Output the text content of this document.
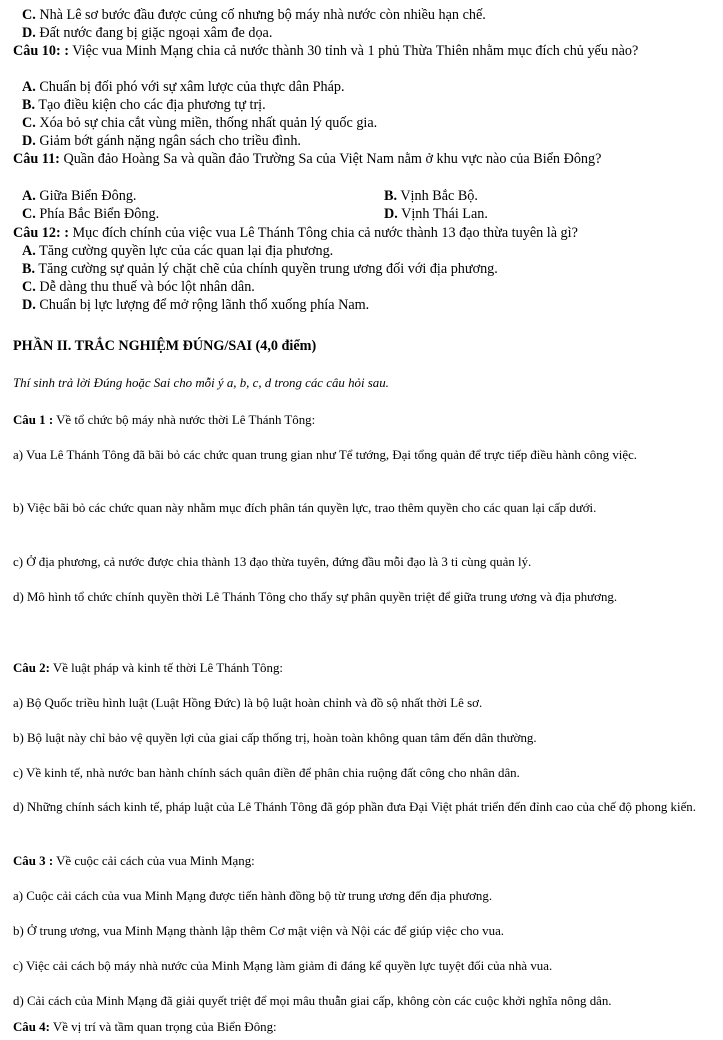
C. Nhà Lê sơ bước đầu được củng cố nhưng bộ máy nhà nước còn nhiều hạn chế.
D. Đất nước đang bị giặc ngoại xâm đe dọa.
Câu 10: : Việc vua Minh Mạng chia cả nước thành 30 tỉnh và 1 phủ Thừa Thiên nhằm mục đích chủ yếu nào?
A. Chuẩn bị đối phó với sự xâm lược của thực dân Pháp.
B. Tạo điều kiện cho các địa phương tự trị.
C. Xóa bỏ sự chia cắt vùng miền, thống nhất quản lý quốc gia.
D. Giảm bớt gánh nặng ngân sách cho triều đình.
Câu 11: Quần đảo Hoàng Sa và quần đảo Trường Sa của Việt Nam nằm ở khu vực nào của Biển Đông?
A. Giữa Biển Đông.	B. Vịnh Bắc Bộ.
C. Phía Bắc Biển Đông.	D. Vịnh Thái Lan.
Câu 12: : Mục đích chính của việc vua Lê Thánh Tông chia cả nước thành 13 đạo thừa tuyên là gì?
A. Tăng cường quyền lực của các quan lại địa phương.
B. Tăng cường sự quản lý chặt chẽ của chính quyền trung ương đối với địa phương.
C. Dễ dàng thu thuế và bóc lột nhân dân.
D. Chuẩn bị lực lượng để mở rộng lãnh thổ xuống phía Nam.
PHẦN II. TRẮC NGHIỆM ĐÚNG/SAI (4,0 điểm)
Thí sinh trả lời Đúng hoặc Sai cho mỗi ý a, b, c, d trong các câu hỏi sau.
Câu 1 : Về tổ chức bộ máy nhà nước thời Lê Thánh Tông:
a) Vua Lê Thánh Tông đã bãi bỏ các chức quan trung gian như Tể tướng, Đại tổng quản để trực tiếp điều hành công việc.
b) Việc bãi bỏ các chức quan này nhằm mục đích phân tán quyền lực, trao thêm quyền cho các quan lại cấp dưới.
c) Ở địa phương, cả nước được chia thành 13 đạo thừa tuyên, đứng đầu mỗi đạo là 3 ti cùng quản lý.
d) Mô hình tổ chức chính quyền thời Lê Thánh Tông cho thấy sự phân quyền triệt để giữa trung ương và địa phương.
Câu 2: Về luật pháp và kinh tế thời Lê Thánh Tông:
a) Bộ Quốc triều hình luật (Luật Hồng Đức) là bộ luật hoàn chỉnh và đồ sộ nhất thời Lê sơ.
b) Bộ luật này chỉ bảo vệ quyền lợi của giai cấp thống trị, hoàn toàn không quan tâm đến dân thường.
c) Về kinh tế, nhà nước ban hành chính sách quân điền để phân chia ruộng đất công cho nhân dân.
d) Những chính sách kinh tế, pháp luật của Lê Thánh Tông đã góp phần đưa Đại Việt phát triển đến đỉnh cao của chế độ phong kiến.
Câu 3 : Về cuộc cải cách của vua Minh Mạng:
a) Cuộc cải cách của vua Minh Mạng được tiến hành đồng bộ từ trung ương đến địa phương.
b) Ở trung ương, vua Minh Mạng thành lập thêm Cơ mật viện và Nội các để giúp việc cho vua.
c) Việc cải cách bộ máy nhà nước của Minh Mạng làm giảm đi đáng kể quyền lực tuyệt đối của nhà vua.
d) Cải cách của Minh Mạng đã giải quyết triệt để mọi mâu thuẫn giai cấp, không còn các cuộc khởi nghĩa nông dân.
Câu 4: Về vị trí và tầm quan trọng của Biển Đông:
